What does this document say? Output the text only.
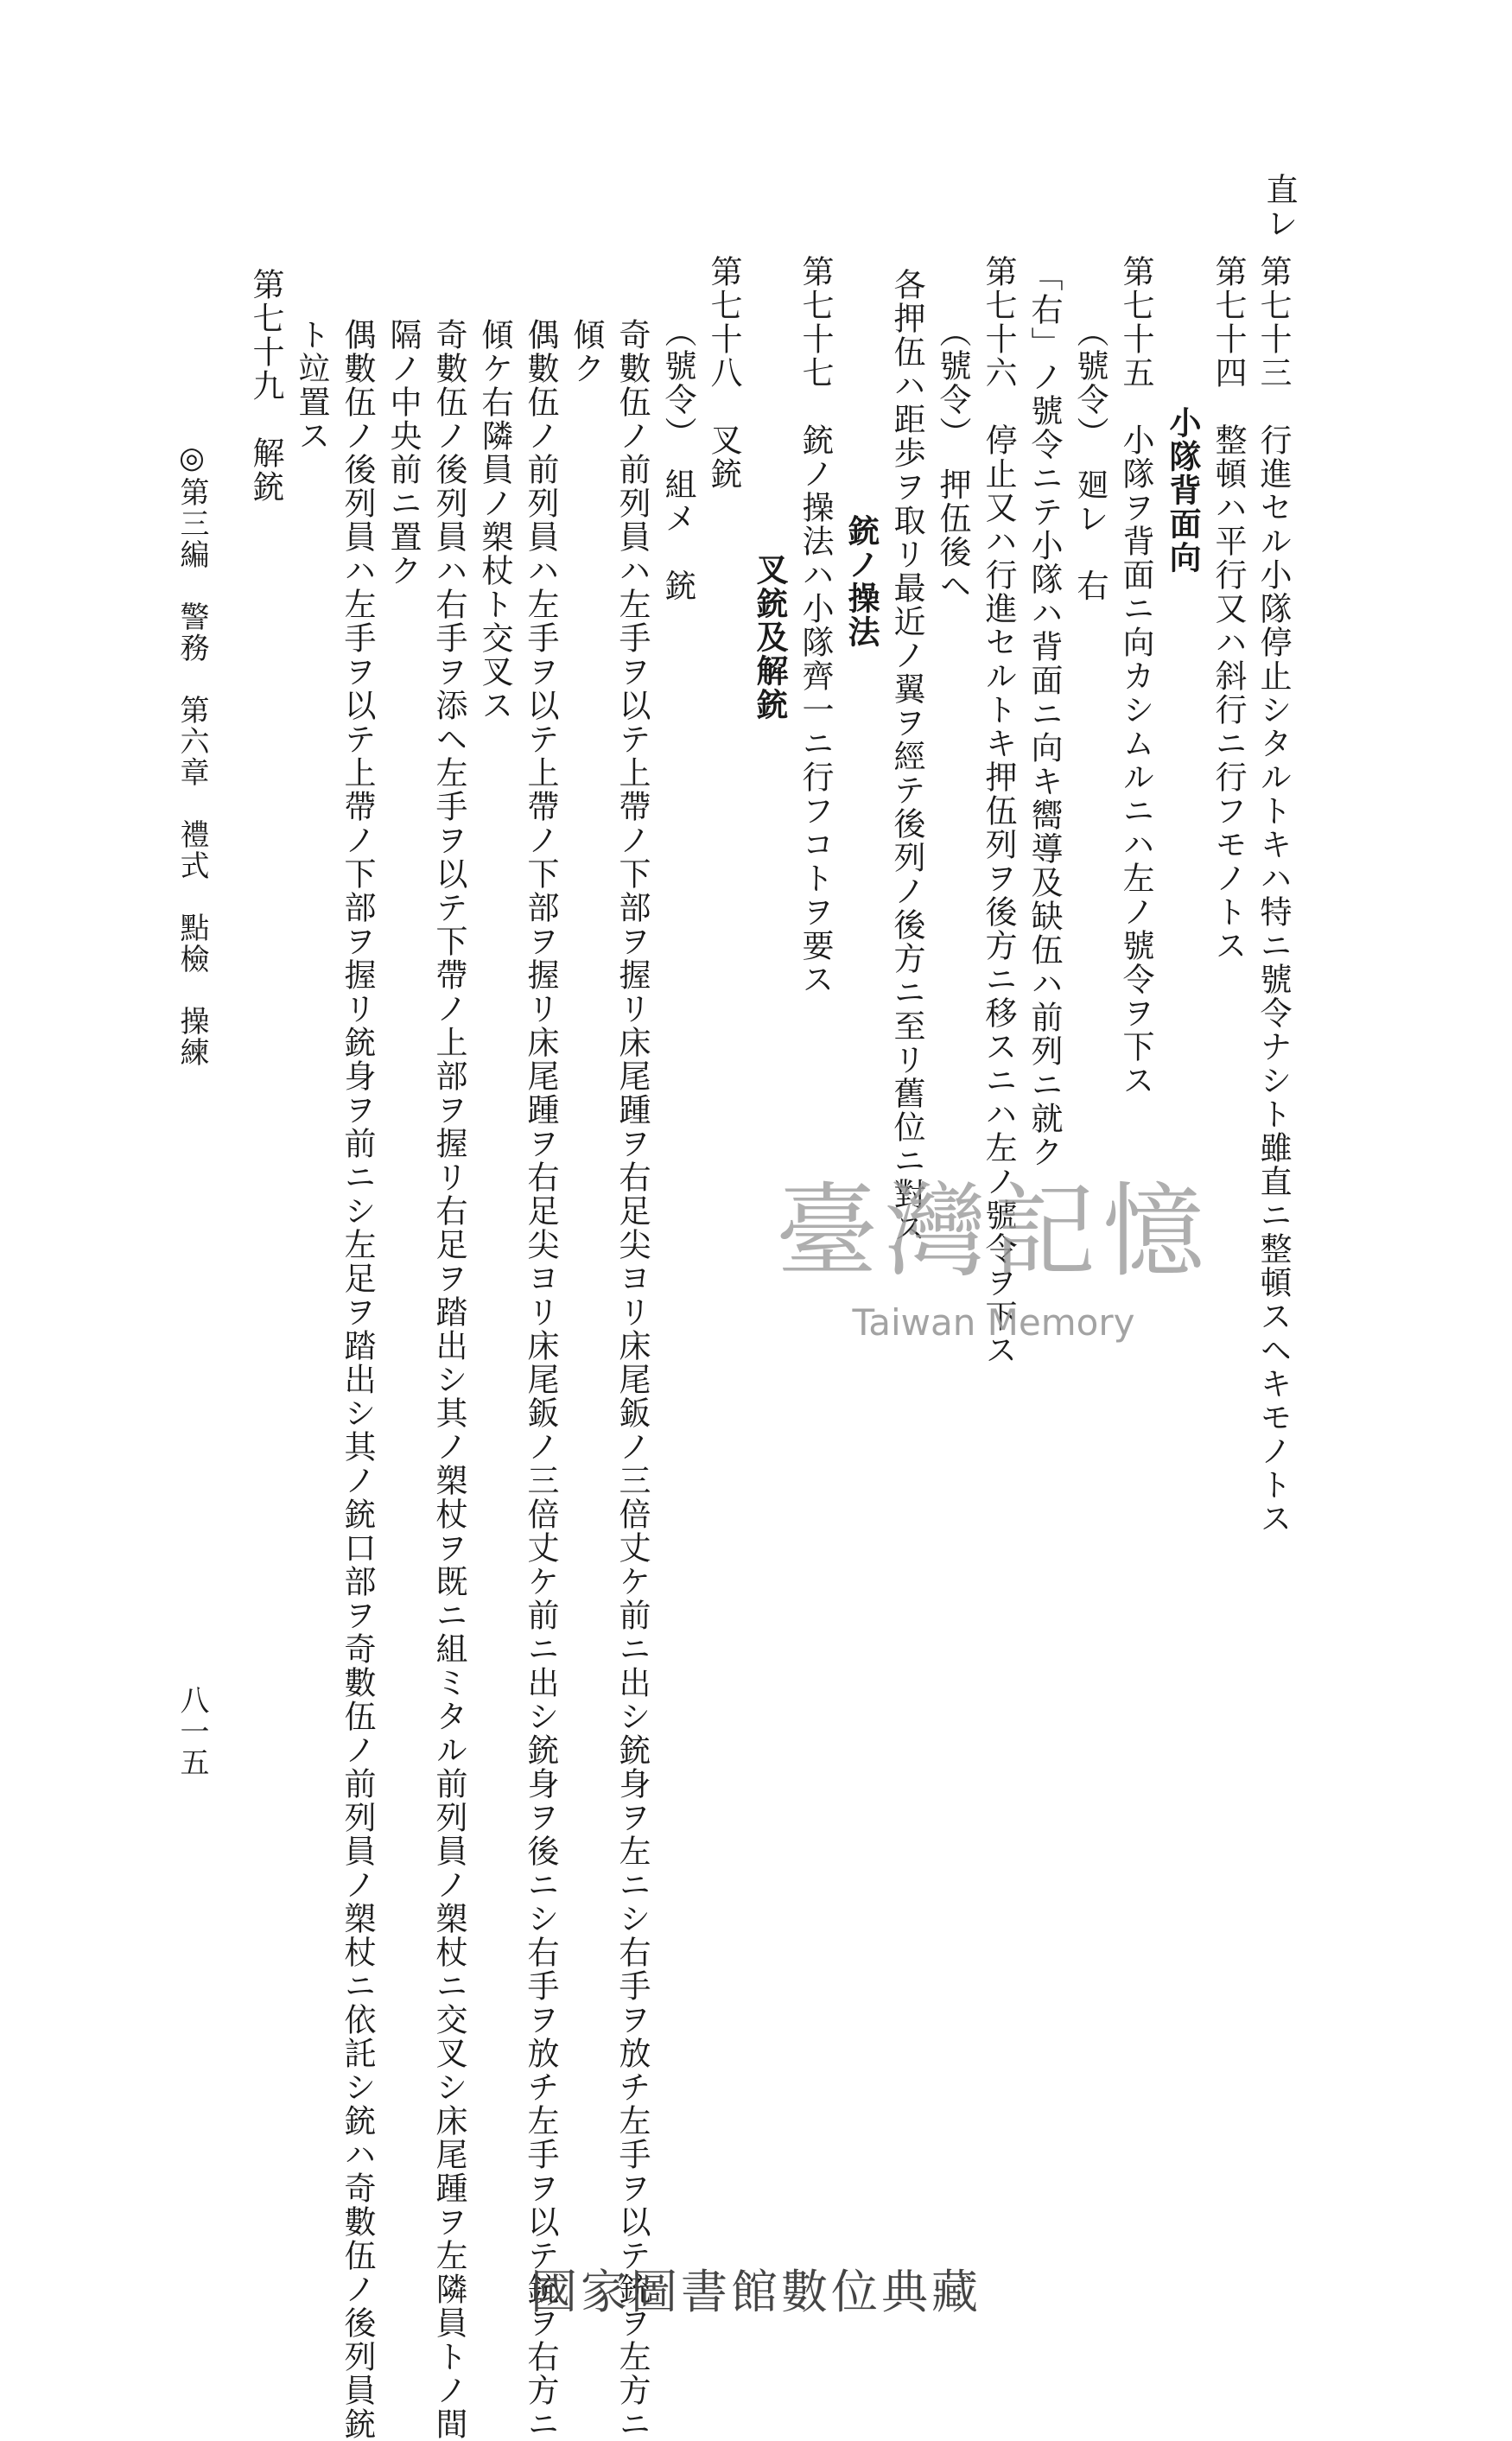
直レ
第七十三　行進セル小隊停止シタルトキハ特ニ號令ナシト雖直ニ整頓スヘキモノトス
第七十四　整頓ハ平行又ハ斜行ニ行フモノトス
小隊背面向
第七十五　小隊ヲ背面ニ向カシムルニハ左ノ號令ヲ下ス
（號令）　廻レ　右
「右」ノ號令ニテ小隊ハ背面ニ向キ嚮導及缺伍ハ前列ニ就ク
第七十六　停止又ハ行進セルトキ押伍列ヲ後方ニ移スニハ左ノ號令ヲ下ス
（號令）　押伍後ヘ
各押伍ハ距歩ヲ取リ最近ノ翼ヲ經テ後列ノ後方ニ至リ舊位ニ對ス
銃ノ操法
第七十七　銃ノ操法ハ小隊齊一ニ行フコトヲ要ス
叉銃及解銃
第七十八　叉銃
（號令）　組メ　銃
奇數伍ノ前列員ハ左手ヲ以テ上帶ノ下部ヲ握リ床尾踵ヲ右足尖ヨリ床尾鈑ノ三倍丈ケ前ニ出シ銃身ヲ左ニシ右手ヲ放チ左手ヲ以テ銃ヲ左方ニ
傾ク
偶數伍ノ前列員ハ左手ヲ以テ上帶ノ下部ヲ握リ床尾踵ヲ右足尖ヨリ床尾鈑ノ三倍丈ケ前ニ出シ銃身ヲ後ニシ右手ヲ放チ左手ヲ以テ銃ヲ右方ニ
傾ケ右隣員ノ槊杖ト交叉ス
奇數伍ノ後列員ハ右手ヲ添ヘ左手ヲ以テ下帶ノ上部ヲ握リ右足ヲ踏出シ其ノ槊杖ヲ既ニ組ミタル前列員ノ槊杖ニ交叉シ床尾踵ヲ左隣員トノ間
隔ノ中央前ニ置ク
偶數伍ノ後列員ハ左手ヲ以テ上帶ノ下部ヲ握リ銃身ヲ前ニシ左足ヲ踏出シ其ノ銃口部ヲ奇數伍ノ前列員ノ槊杖ニ依託シ銃ハ奇數伍ノ後列員銃
ト竝置ス
第七十九　解銃
◎第三編　警務　第六章　禮式　點檢　操練
八一五
臺灣記憶
Taiwan Memory
國家圖書館數位典藏
